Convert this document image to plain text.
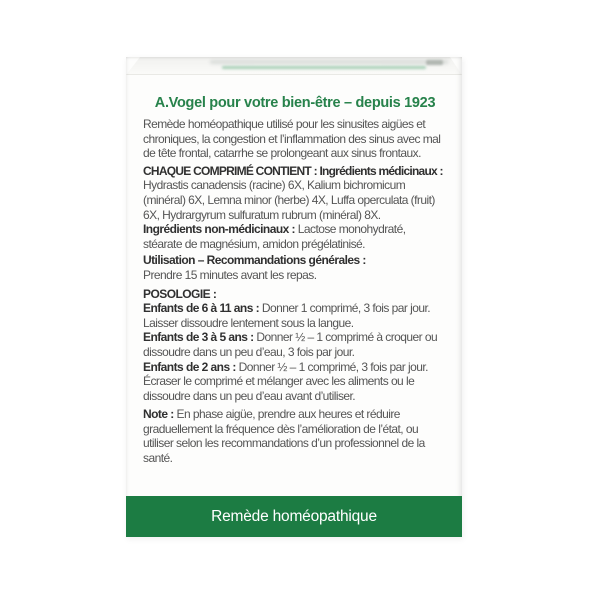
A.Vogel pour votre bien-être – depuis 1923

Remède homéopathique utilisé pour les sinusites aigües et chroniques, la congestion et l’inflammation des sinus avec mal de tête frontal, catarrhe se prolongeant aux sinus frontaux.

CHAQUE COMPRIMÉ CONTIENT : Ingrédients médicinaux :

Hydrastis canadensis (racine) 6X, Kalium bichromicum (minéral) 6X, Lemna minor (herbe) 4X, Luffa operculata (fruit) 6X, Hydrargyrum sulfuratum rubrum (minéral) 8X.

Ingrédients non-médicinaux : Lactose monohydraté, stéarate de magnésium, amidon prégélatinisé.

Utilisation – Recommandations générales :

Prendre 15 minutes avant les repas.

POSOLOGIE :

Enfants de 6 à 11 ans : Donner 1 comprimé, 3 fois par jour. Laisser dissoudre lentement sous la langue.

Enfants de 3 à 5 ans : Donner ½ – 1 comprimé à croquer ou dissoudre dans un peu d’eau, 3 fois par jour.

Enfants de 2 ans : Donner ½ – 1 comprimé, 3 fois par jour. Écraser le comprimé et mélanger avec les aliments ou le dissoudre dans un peu d’eau avant d’utiliser.

Note : En phase aigüe, prendre aux heures et réduire graduellement la fréquence dès l’amélioration de l’état, ou utiliser selon les recommandations d’un professionnel de la santé.

Remède homéopathique
